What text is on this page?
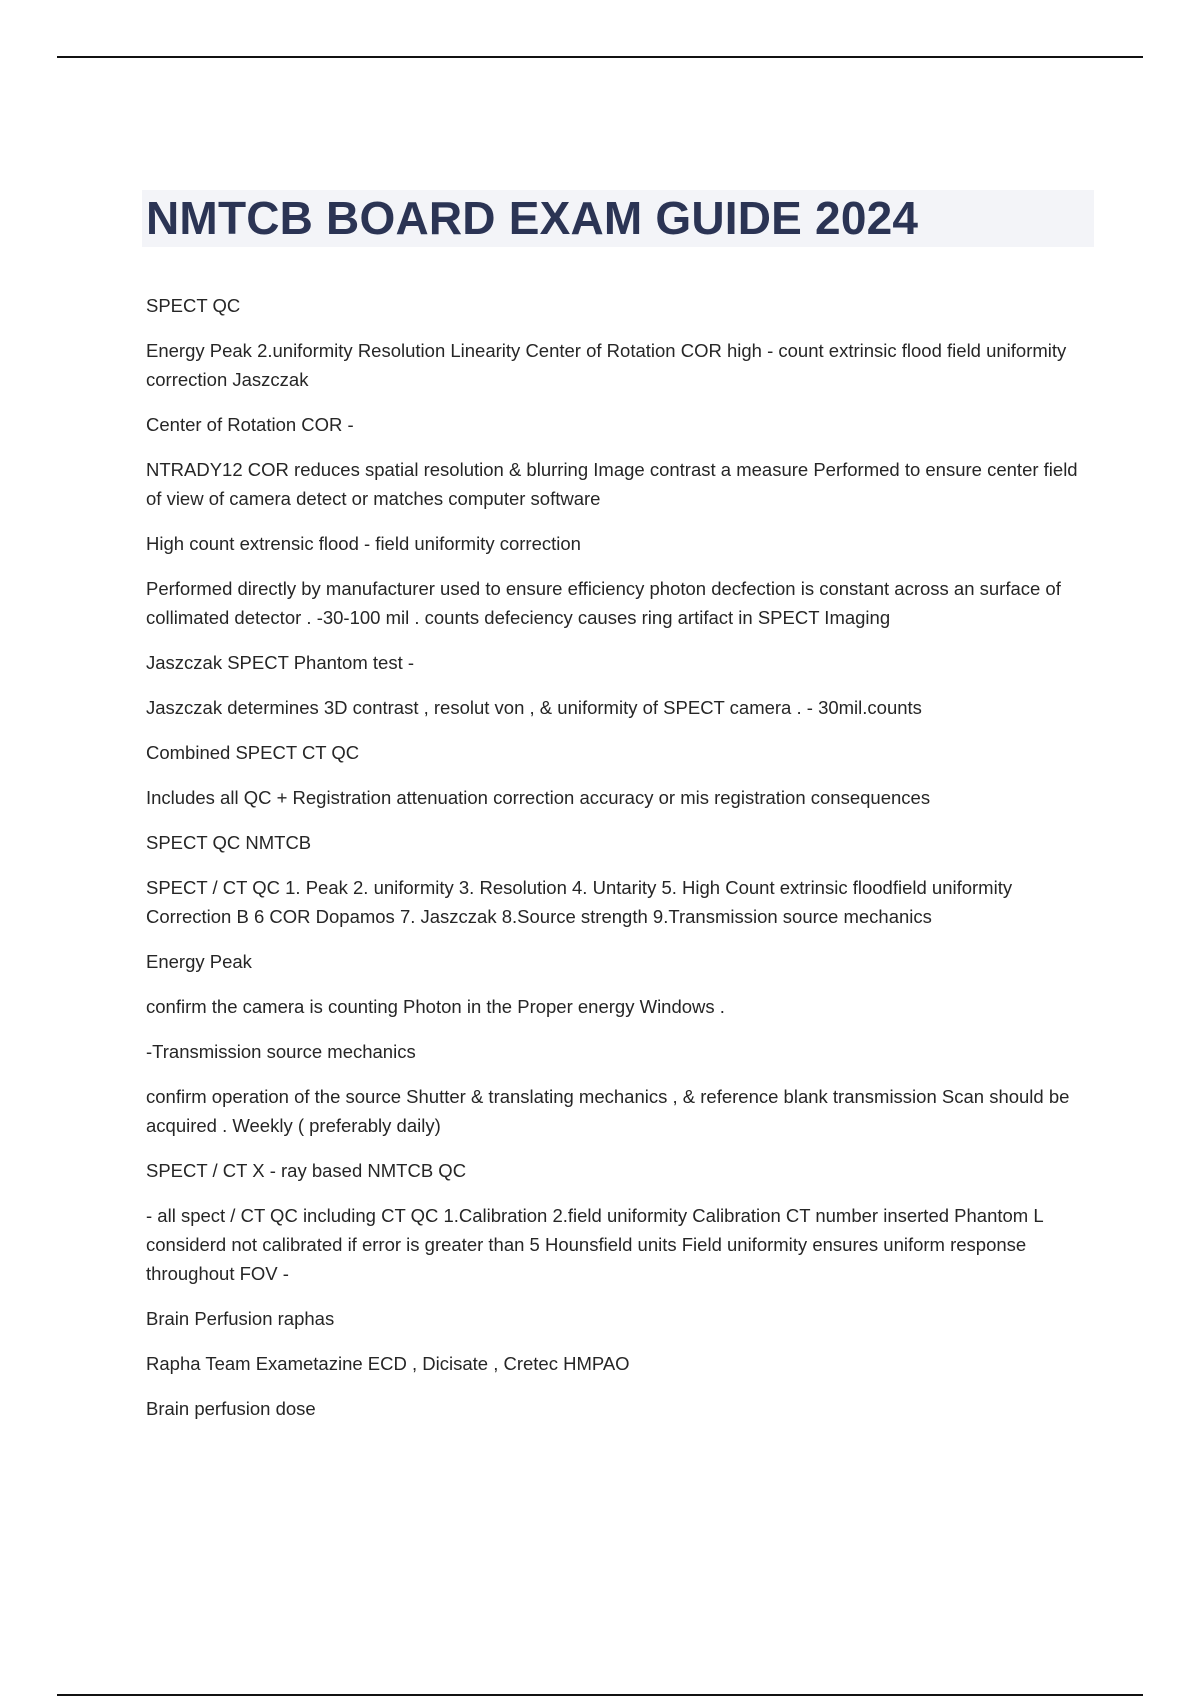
NMTCB BOARD EXAM GUIDE 2024

SPECT QC

Energy Peak 2.uniformity Resolution Linearity Center of Rotation COR high - count extrinsic flood field uniformity correction Jaszczak

Center of Rotation COR -

NTRADY12 COR reduces spatial resolution & blurring Image contrast a measure Performed to ensure center field of view of camera detect or matches computer software

High count extrensic flood - field uniformity correction

Performed directly by manufacturer used to ensure efficiency photon decfection is constant across an surface of collimated detector . -30-100 mil . counts defeciency causes ring artifact in SPECT Imaging

Jaszczak SPECT Phantom test -

Jaszczak determines 3D contrast , resolut von , & uniformity of SPECT camera . - 30mil.counts

Combined SPECT CT QC

Includes all QC + Registration attenuation correction accuracy or mis registration consequences

SPECT QC NMTCB

SPECT / CT QC 1. Peak 2. uniformity 3. Resolution 4. Untarity 5. High Count extrinsic floodfield uniformity Correction B 6 COR Dopamos 7. Jaszczak 8.Source strength 9.Transmission source mechanics

Energy Peak

confirm the camera is counting Photon in the Proper energy Windows .

-Transmission source mechanics

confirm operation of the source Shutter & translating mechanics , & reference blank transmission Scan should be acquired . Weekly ( preferably daily)

SPECT / CT X - ray based NMTCB QC

- all spect / CT QC including CT QC 1.Calibration 2.field uniformity Calibration CT number inserted Phantom L considerd not calibrated if error is greater than 5 Hounsfield units Field uniformity ensures uniform response throughout FOV -

Brain Perfusion raphas

Rapha Team Exametazine ECD , Dicisate , Cretec HMPAO

Brain perfusion dose
